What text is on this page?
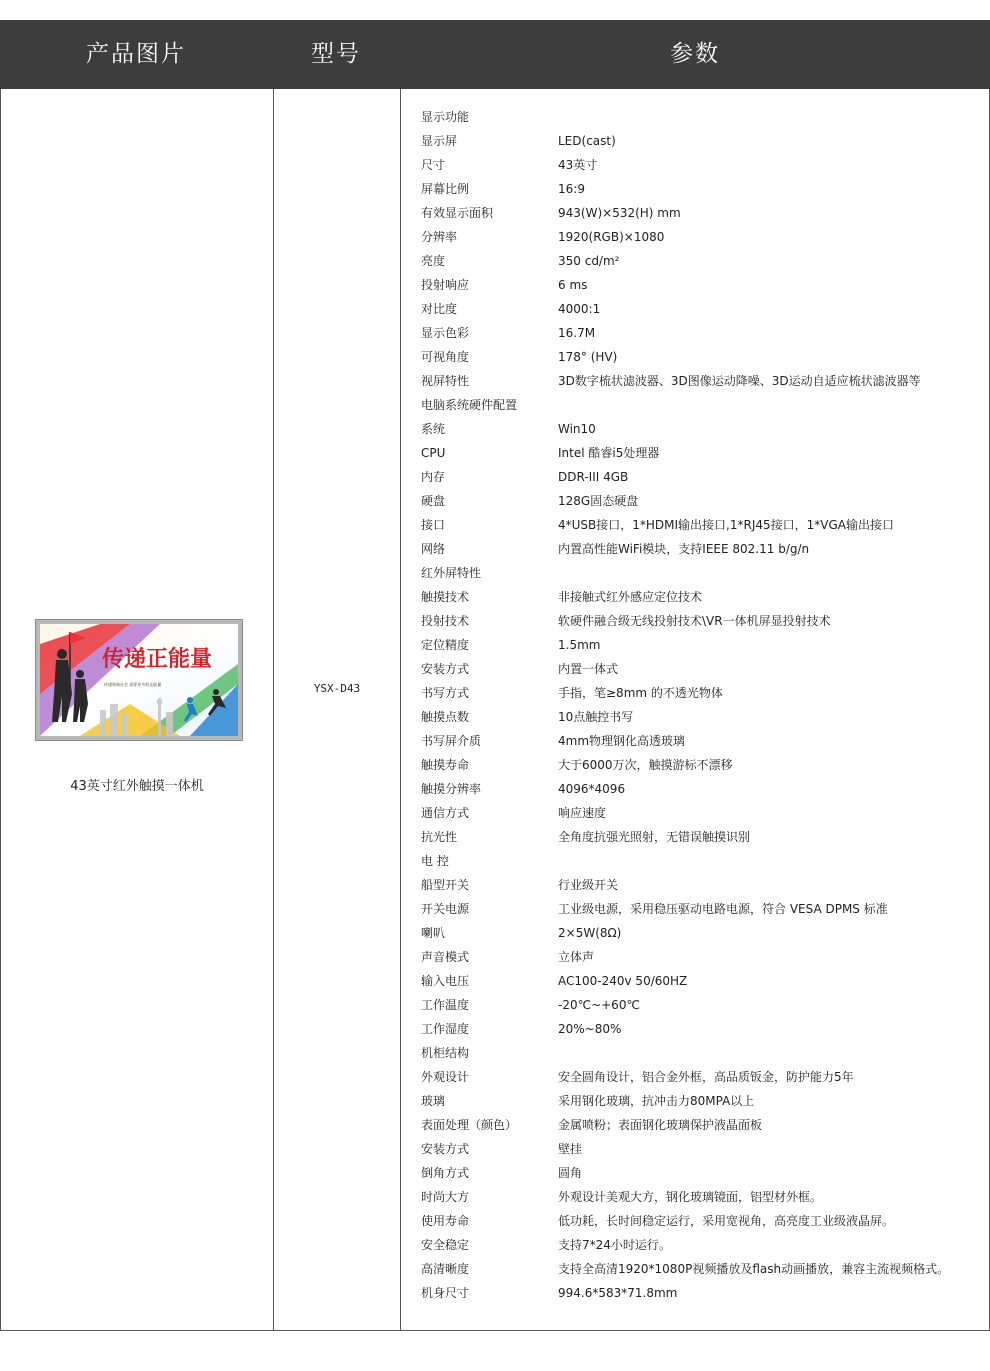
产品图片	型号	参数
传递正能量
传递和谐社会 需要更多的正能量
43英寸红外触摸一体机
YSX-D43
显示功能
显示屏	LED(cast)
尺寸	43英寸
屏幕比例	16:9
有效显示面积	943(W)×532(H) mm
分辨率	1920(RGB)×1080
亮度	350 cd/m²
投射响应	6 ms
对比度	4000:1
显示色彩	16.7M
可视角度	178° (HV)
视屏特性	3D数字梳状滤波器、3D图像运动降噪、3D运动自适应梳状滤波器等
电脑系统硬件配置
系统	Win10
CPU	Intel 酷睿i5处理器
内存	DDR-III 4GB
硬盘	128G固态硬盘
接口	4*USB接口，1*HDMI输出接口,1*RJ45接口，1*VGA输出接口
网络	内置高性能WiFi模块，支持IEEE 802.11 b/g/n
红外屏特性
触摸技术	非接触式红外感应定位技术
投射技术	软硬件融合级无线投射技术\VR一体机屏显投射技术
定位精度	1.5mm
安装方式	内置一体式
书写方式	手指，笔≥8mm 的不透光物体
触摸点数	10点触控书写
书写屏介质	4mm物理钢化高透玻璃
触摸寿命	大于6000万次，触摸游标不漂移
触摸分辨率	4096*4096
通信方式	响应速度
抗光性	全角度抗强光照射，无错误触摸识别
电 控
船型开关	行业级开关
开关电源	工业级电源，采用稳压驱动电路电源，符合 VESA DPMS 标准
喇叭	2×5W(8Ω)
声音模式	立体声
输入电压	AC100-240v 50/60HZ
工作温度	-20℃~+60℃
工作湿度	20%~80%
机柜结构
外观设计	安全圆角设计，铝合金外框，高品质钣金，防护能力5年
玻璃	采用钢化玻璃，抗冲击力80MPA以上
表面处理（颜色）	金属喷粉；表面钢化玻璃保护液晶面板
安装方式	壁挂
倒角方式	圆角
时尚大方	外观设计美观大方，钢化玻璃镜面，铝型材外框。
使用寿命	低功耗，长时间稳定运行，采用宽视角，高亮度工业级液晶屏。
安全稳定	支持7*24小时运行。
高清晰度	支持全高清1920*1080P视频播放及flash动画播放，兼容主流视频格式。
机身尺寸	994.6*583*71.8mm
